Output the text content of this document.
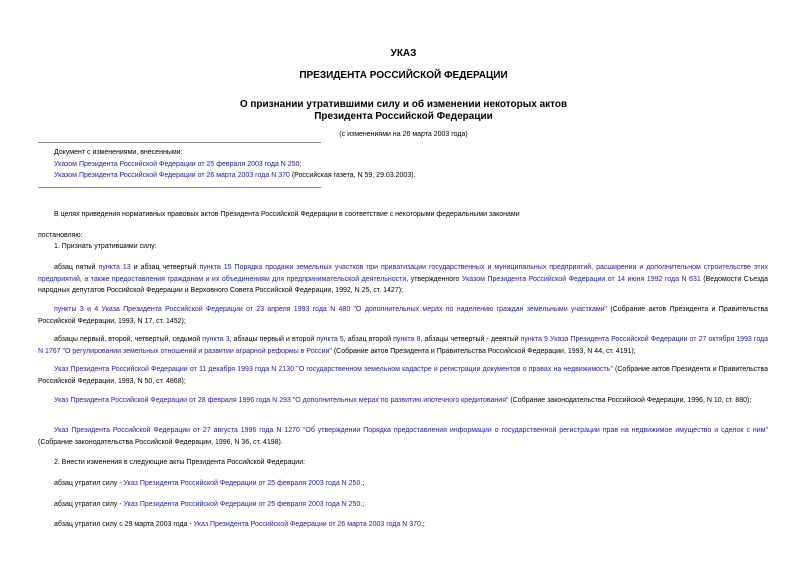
УКАЗ
ПРЕЗИДЕНТА РОССИЙСКОЙ ФЕДЕРАЦИИ
О признании утратившими силу и об изменении некоторых актов
Президента Российской Федерации
(с изменениями на 26 марта 2003 года)
Документ с изменениями, внесенными:
Указом Президента Российской Федерации от 25 февраля 2003 года N 250;
Указом Президента Российской Федерации от 26 марта 2003 года N 370 (Российская газета, N 59, 29.03.2003).
В целях приведения нормативных правовых актов Президента Российской Федерации в соответствие с некоторыми федеральными законами
постановляю:
1. Признать утратившими силу:
абзац пятый пункта 13 и абзац четвертый пункта 15 Порядка продажи земельных участков при приватизации государственных и муниципальных предприятий, расширении и дополнительном строительстве этих предприятий, а также предоставления гражданам и их объединениям для предпринимательской деятельности, утвержденного Указом Президента Российской Федерации от 14 июня 1992 года N 631 (Ведомости Съезда народных депутатов Российской Федерации и Верховного Совета Российской Федерации, 1992, N 25, ст. 1427);
пункты 3 и 4 Указа Президента Российской Федерации от 23 апреля 1993 года N 480 "О дополнительных мерах по наделению граждан земельными участками" (Собрание актов Президента и Правительства Российской Федерации, 1993, N 17, ст. 1452);
абзацы первый, второй, четвертый, седьмой пункта 3, абзацы первый и второй пункта 5, абзац второй пункта 8, абзацы четвертый - девятый пункта 9 Указа Президента Российской Федерации от 27 октября 1993 года N 1767 "О регулировании земельных отношений и развитии аграрной реформы в России" (Собрание актов Президента и Правительства Российской Федерации, 1993, N 44, ст. 4191);
Указ Президента Российской Федерации от 11 декабря 1993 года N 2130 "О государственном земельном кадастре и регистрации документов о правах на недвижимость" (Собрание актов Президента и Правительства Российской Федерации, 1993, N 50, ст. 4868);
Указ Президента Российской Федерации от 28 февраля 1996 года N 293 "О дополнительных мерах по развитию ипотечного кредитования" (Собрание законодательства Российской Федерации, 1996, N 10, ст. 880);
Указ Президента Российской Федерации от 27 августа 1996 года N 1270 "Об утверждении Порядка предоставления информации о государственной регистрации прав на недвижимое имущество и сделок с ним" (Собрание законодательства Российской Федерации, 1996, N 36, ст. 4198).
2. Внести изменения в следующие акты Президента Российской Федерации:
абзац утратил силу - Указ Президента Российской Федерации от 25 февраля 2003 года N 250.;
абзац утратил силу - Указ Президента Российской Федерации от 25 февраля 2003 года N 250.;
абзац утратил силу с 29 марта 2003 года - Указ Президента Российской Федерации от 26 марта 2003 года N 370.;
